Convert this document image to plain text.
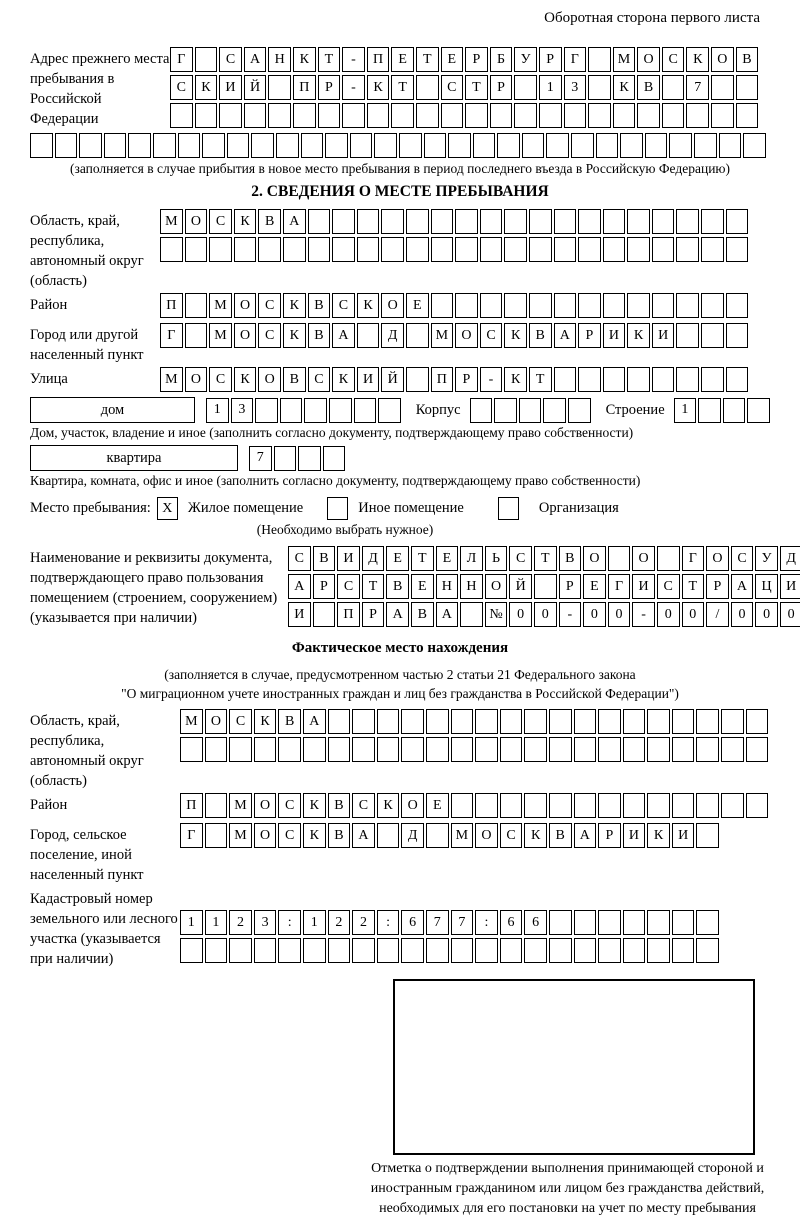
Оборотная сторона первого листа
Адрес прежнего места пребывания в Российской Федерации
Г	С	А	Н	К	Т	-	П	Е	Т	Е	Р	Б	У	Р	Г	М О	С	К	О	В
С	К	И	Й	П	Р	-	К	Т	С	Т	Р	1	3	К	В	7
(заполняется в случае прибытия в новое место пребывания в период последнего въезда в Российскую Федерацию)
2. СВЕДЕНИЯ О МЕСТЕ ПРЕБЫВАНИЯ
Область, край, республика, автономный округ (область)
М О	С	К	В	А
Район	П	М О	С	К	В	С	К	О	Е
Город или другой населенный пункт
Г	М О	С	К	В	А	Д	М О	С	К	В	А	Р	И	К	И
Улица	М О	С	К	О	В	С	К	И	Й	П	Р	-	К	Т
дом	1	3	Корпус	Строение	1
Дом, участок, владение и иное (заполнить согласно документу, подтверждающему право собственности)
квартира	7
Квартира, комната, офис и иное (заполнить согласно документу, подтверждающему право собственности)
Место пребывания: X	Жилое помещение	Иное помещение	Организация
(Необходимо выбрать нужное)
Наименование и реквизиты документа, подтверждающего право пользования помещением (строением, сооружением) (указывается при наличии)
С	В	И	Д	Е	Т	Е	Л	Ь	С	Т	В	О	О	Г	О	С	У	Д
А	Р	С	Т	В	Е	Н	Н	О	Й	Р	Е	Г	И	С	Т	Р	А	Ц	И
И	П	Р	А	В	А	№	0	0	-	0	0	-	0	0	/	0	0	0
Фактическое место нахождения
(заполняется в случае, предусмотренном частью 2 статьи 21 Федерального закона
"О миграционном учете иностранных граждан и лиц без гражданства в Российской Федерации")
Область, край, республика, автономный округ (область)
М О	С	К	В	А
Район	П	М О	С	К	В	С	К	О	Е
Город, сельское поселение, иной населенный пункт
Г	М О	С	К	В	А	Д	М О	С	К	В	А	Р	И	К	И
Кадастровый номер земельного или лесного участка (указывается при наличии)
1	1	2	3	:	1	2	2	:	6	7	7	:	6	6
Отметка о подтверждении выполнения принимающей стороной и иностранным гражданином или лицом без гражданства действий, необходимых для его постановки на учет по месту пребывания
